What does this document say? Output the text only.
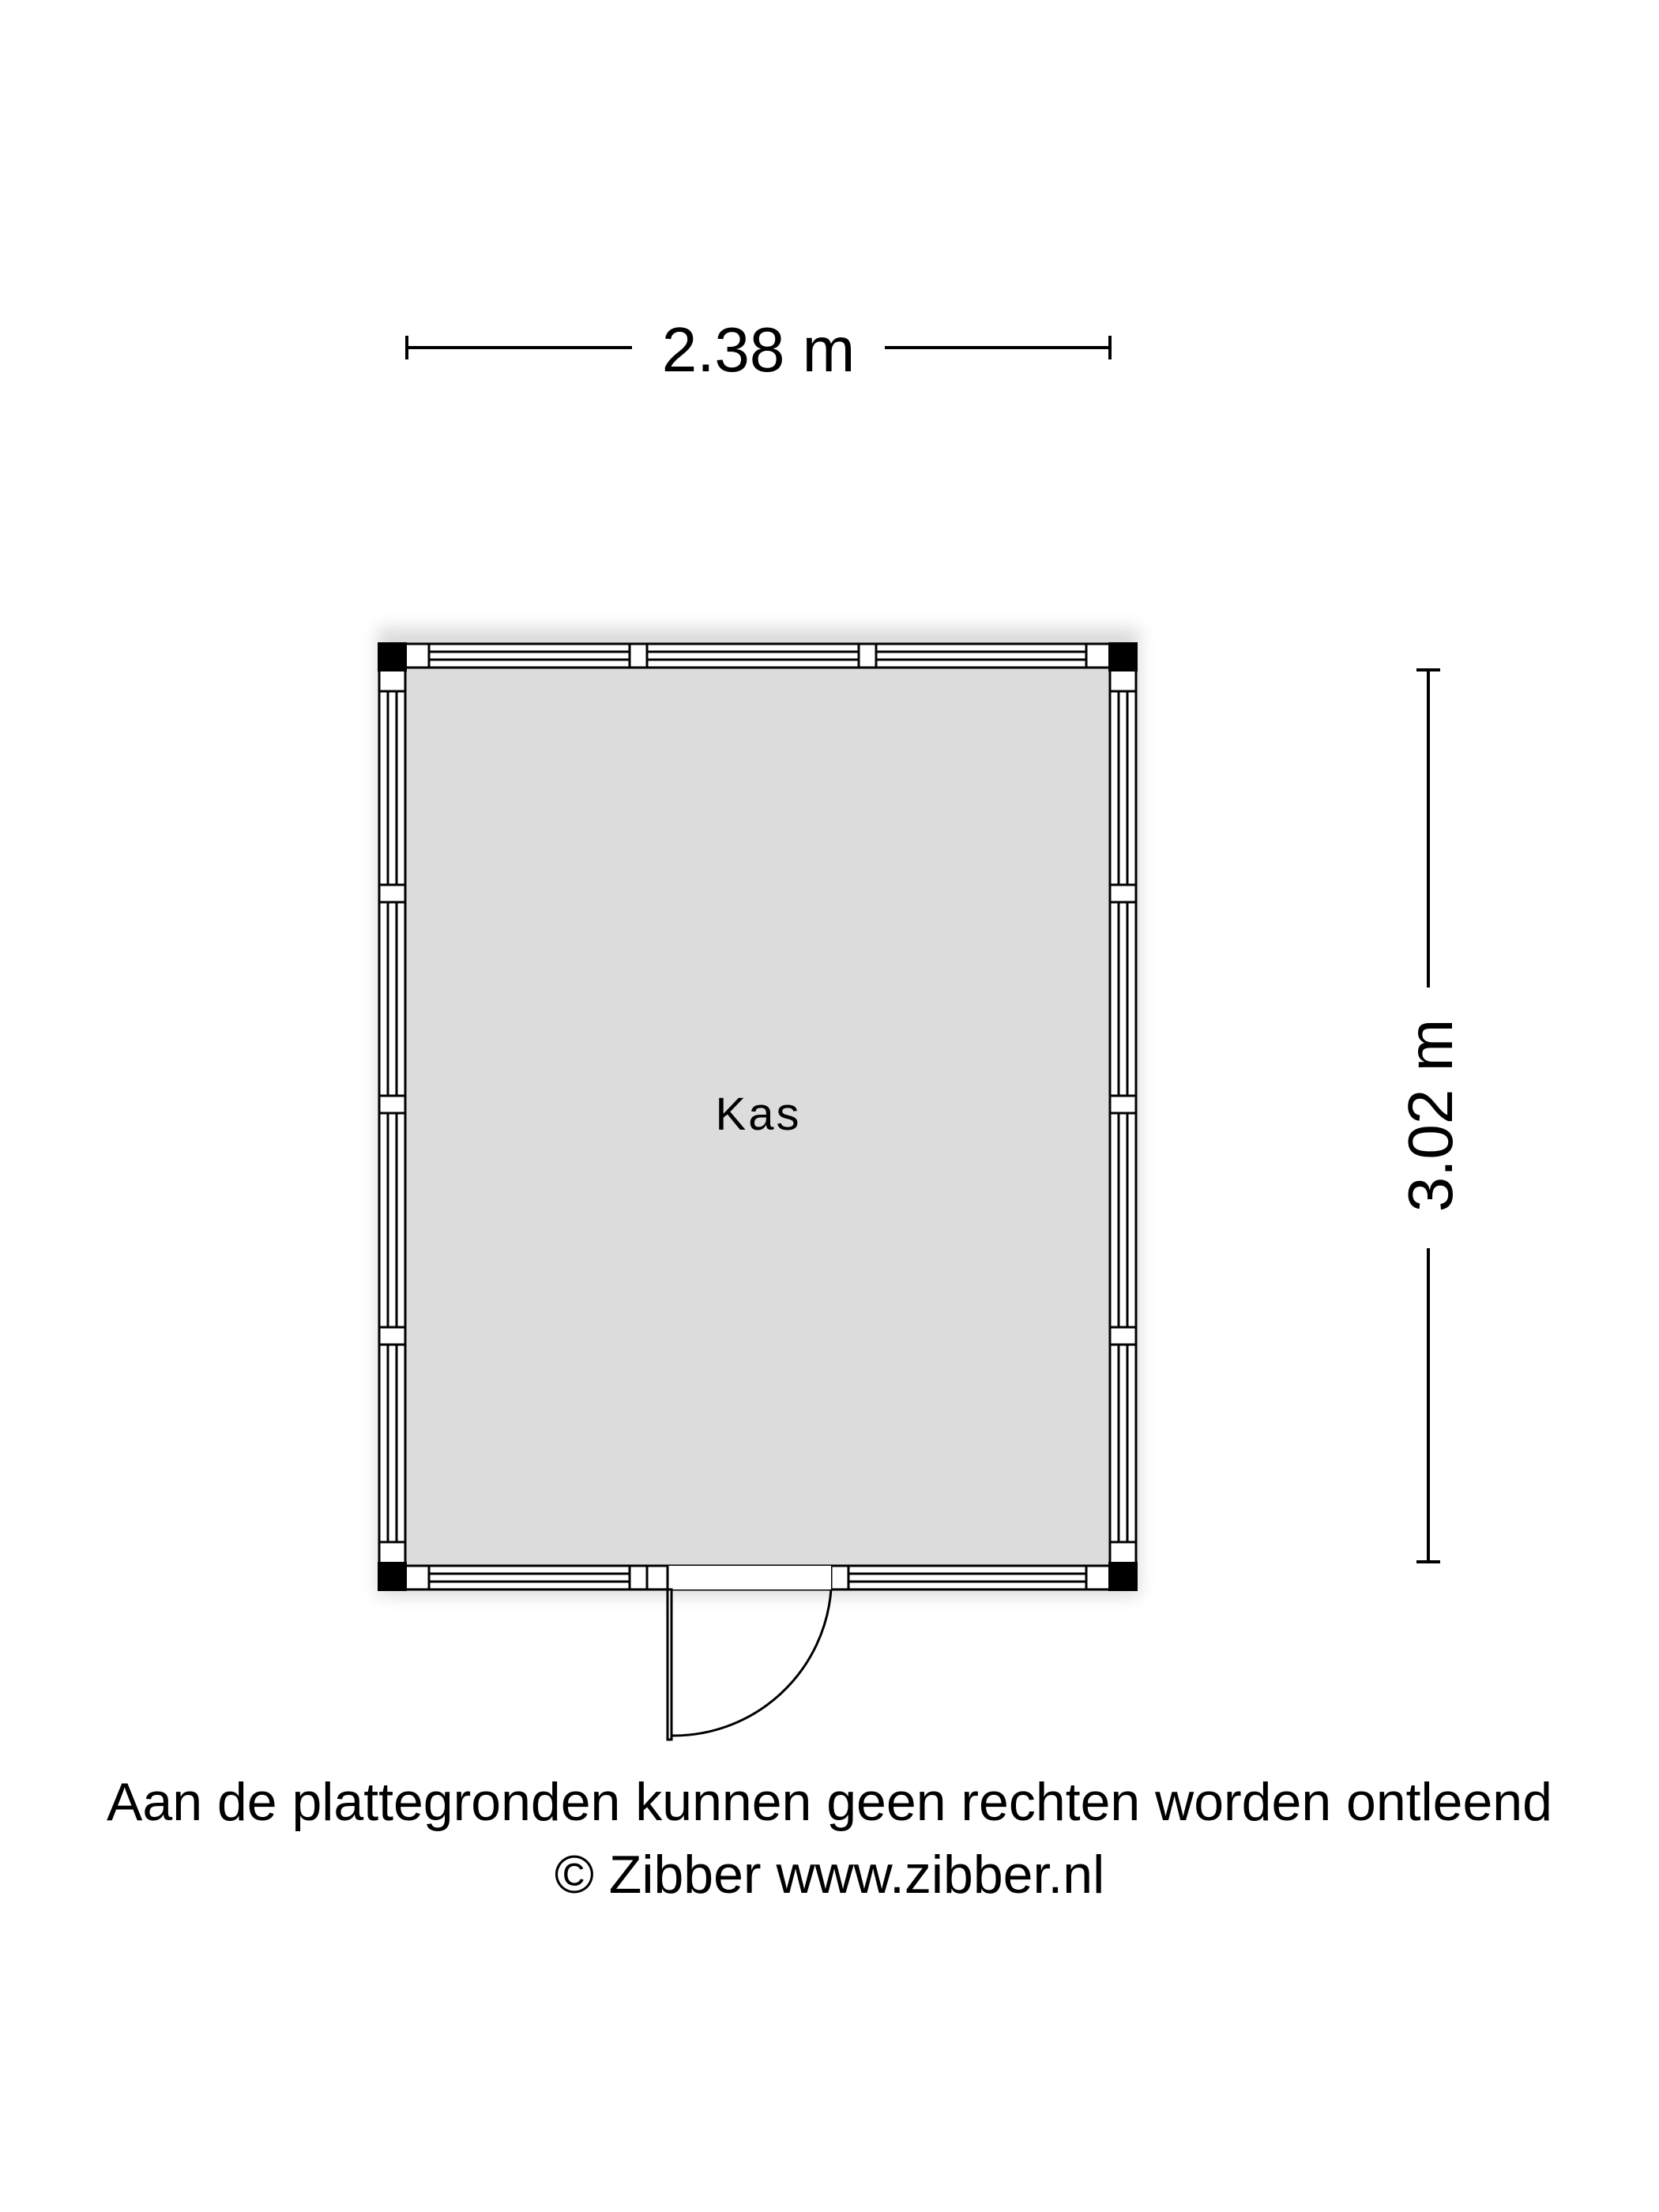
2.38 m
3.02 m
Kas
Aan de plattegronden kunnen geen rechten worden ontleend
© Zibber www.zibber.nl
